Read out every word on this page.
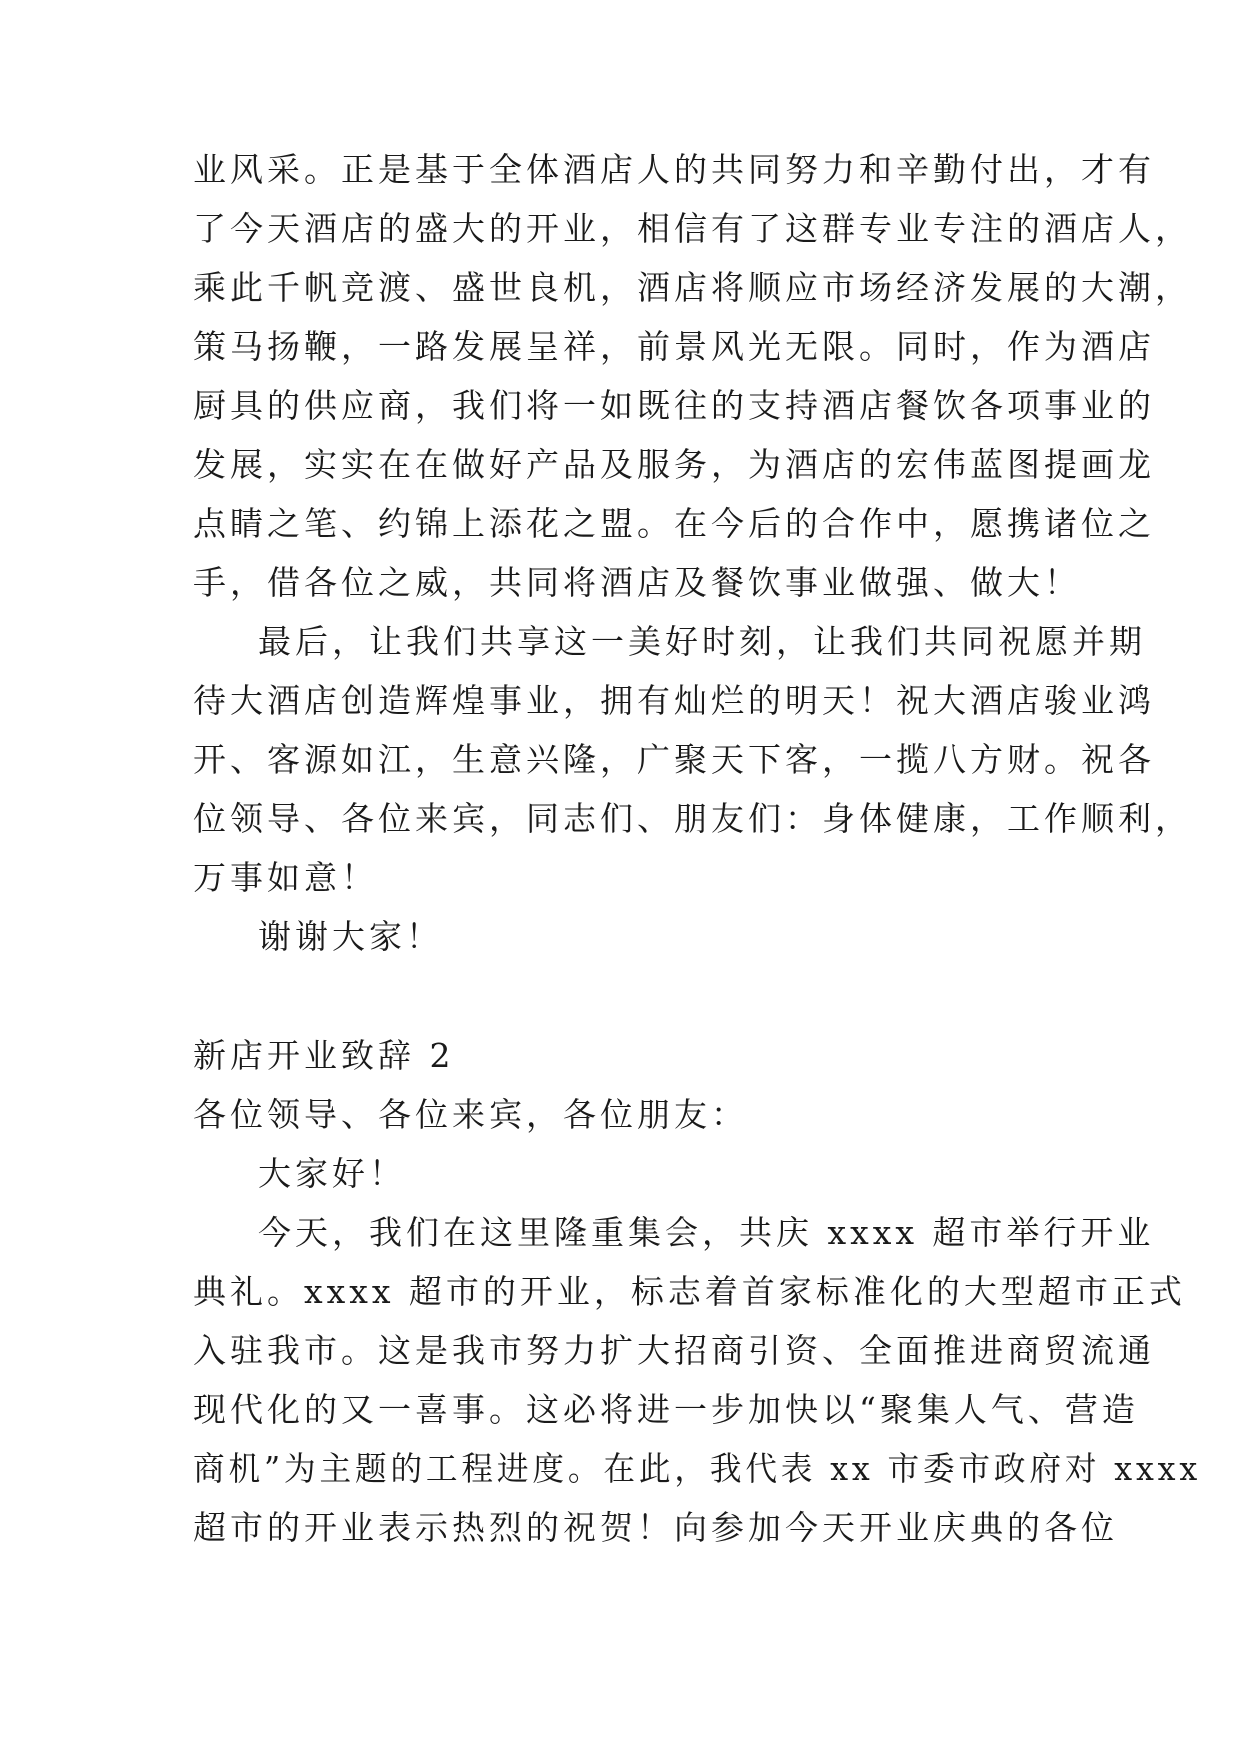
业风采。正是基于全体酒店人的共同努力和辛勤付出，才有
了今天酒店的盛大的开业，相信有了这群专业专注的酒店人，
乘此千帆竞渡、盛世良机，酒店将顺应市场经济发展的大潮，
策马扬鞭，一路发展呈祥，前景风光无限。同时，作为酒店
厨具的供应商，我们将一如既往的支持酒店餐饮各项事业的
发展，实实在在做好产品及服务，为酒店的宏伟蓝图提画龙
点睛之笔、约锦上添花之盟。在今后的合作中，愿携诸位之
手，借各位之威，共同将酒店及餐饮事业做强、做大！
最后，让我们共享这一美好时刻，让我们共同祝愿并期
待大酒店创造辉煌事业，拥有灿烂的明天！祝大酒店骏业鸿
开、客源如江，生意兴隆，广聚天下客，一揽八方财。祝各
位领导、各位来宾，同志们、朋友们：身体健康，工作顺利，
万事如意！
谢谢大家！
新店开业致辞 2
各位领导、各位来宾，各位朋友：
大家好！
今天，我们在这里隆重集会，共庆 xxxx 超市举行开业
典礼。xxxx 超市的开业，标志着首家标准化的大型超市正式
入驻我市。这是我市努力扩大招商引资、全面推进商贸流通
现代化的又一喜事。这必将进一步加快以“聚集人气、营造
商机”为主题的工程进度。在此，我代表 xx 市委市政府对 xxxx
超市的开业表示热烈的祝贺！向参加今天开业庆典的各位
